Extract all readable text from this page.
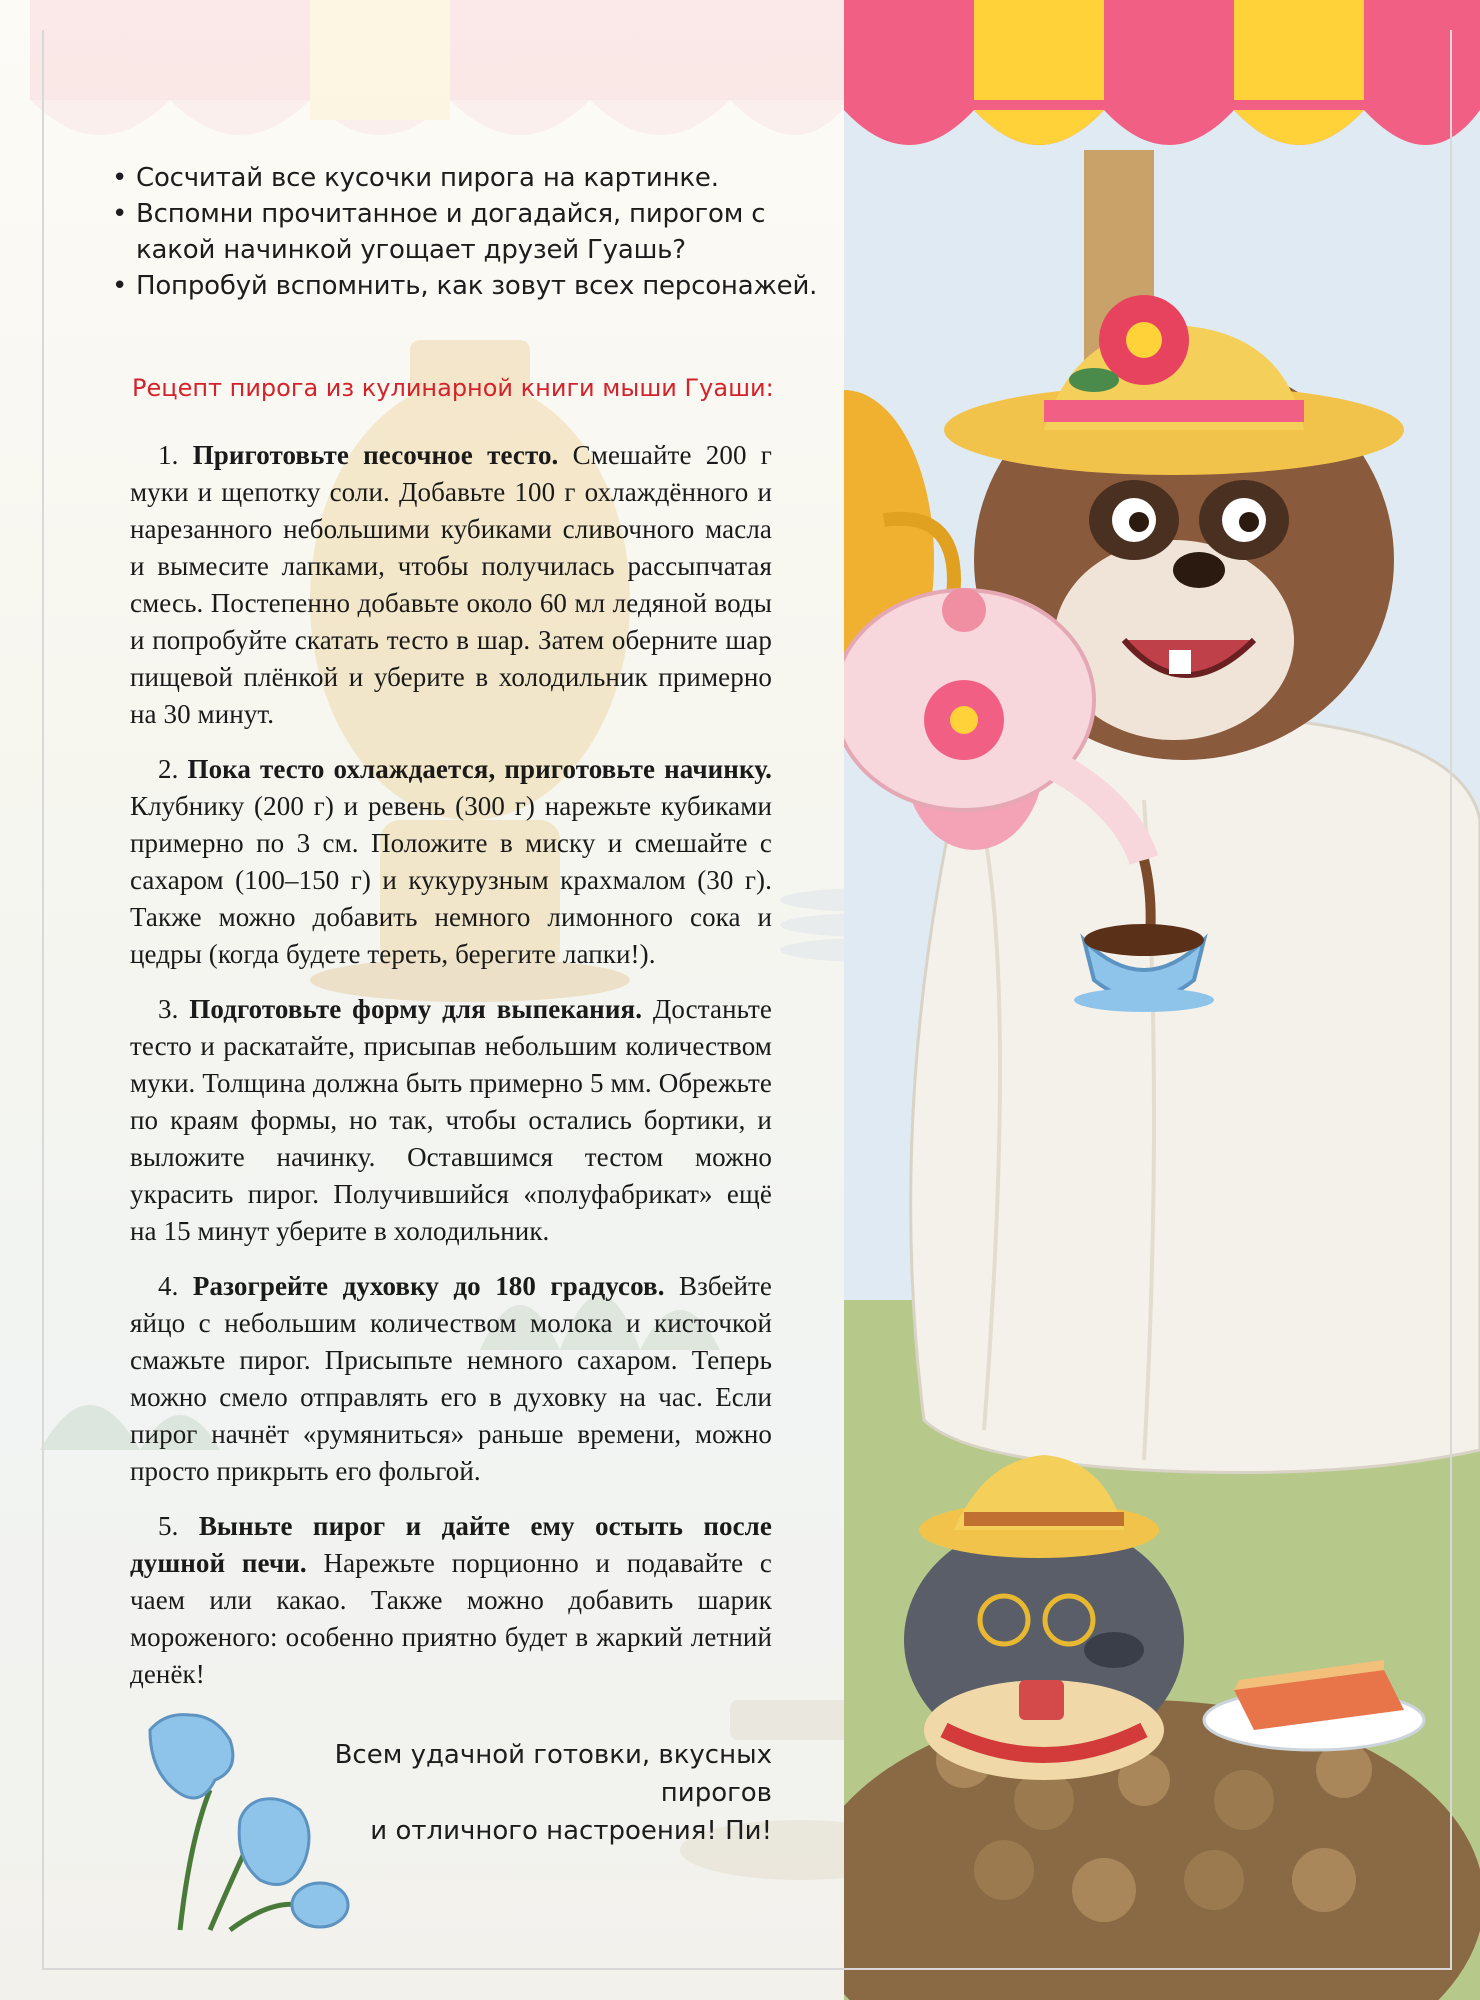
• Сосчитай все кусочки пирога на картинке.
• Вспомни прочитанное и догадайся, пирогом с какой начинкой угощает друзей Гуашь?
• Попробуй вспомнить, как зовут всех персонажей.
Рецепт пирога из кулинарной книги мыши Гуаши:

1. Приготовьте песочное тесто. Смешайте 200 г муки и щепотку соли. Добавьте 100 г охлаждённого и нарезанного небольшими кубиками сливочного масла и вымесите лапками, чтобы получилась рассыпчатая смесь. Постепенно добавьте около 60 мл ледяной воды и попробуйте скатать тесто в шар. Затем оберните шар пищевой плёнкой и уберите в холодильник примерно на 30 минут.

2. Пока тесто охлаждается, приготовьте начинку. Клубнику (200 г) и ревень (300 г) нарежьте кубиками примерно по 3 см. Положите в миску и смешайте с сахаром (100–150 г) и кукурузным крахмалом (30 г). Также можно добавить немного лимонного сока и цедры (когда будете тереть, берегите лапки!).

3. Подготовьте форму для выпекания. Достаньте тесто и раскатайте, присыпав небольшим количеством муки. Толщина должна быть примерно 5 мм. Обрежьте по краям формы, но так, чтобы остались бортики, и выложите начинку. Оставшимся тестом можно украсить пирог. Получившийся «полуфабрикат» ещё на 15 минут уберите в холодильник.

4. Разогрейте духовку до 180 градусов. Взбейте яйцо с небольшим количеством молока и кисточкой смажьте пирог. Присыпьте немного сахаром. Теперь можно смело отправлять его в духовку на час. Если пирог начнёт «румяниться» раньше времени, можно просто прикрыть его фольгой.

5. Выньте пирог и дайте ему остыть после душной печи. Нарежьте порционно и подавайте с чаем или какао. Также можно добавить шарик мороженого: особенно приятно будет в жаркий летний денёк!

Всем удачной готовки, вкусных пирогов
и отличного настроения! Пи!
